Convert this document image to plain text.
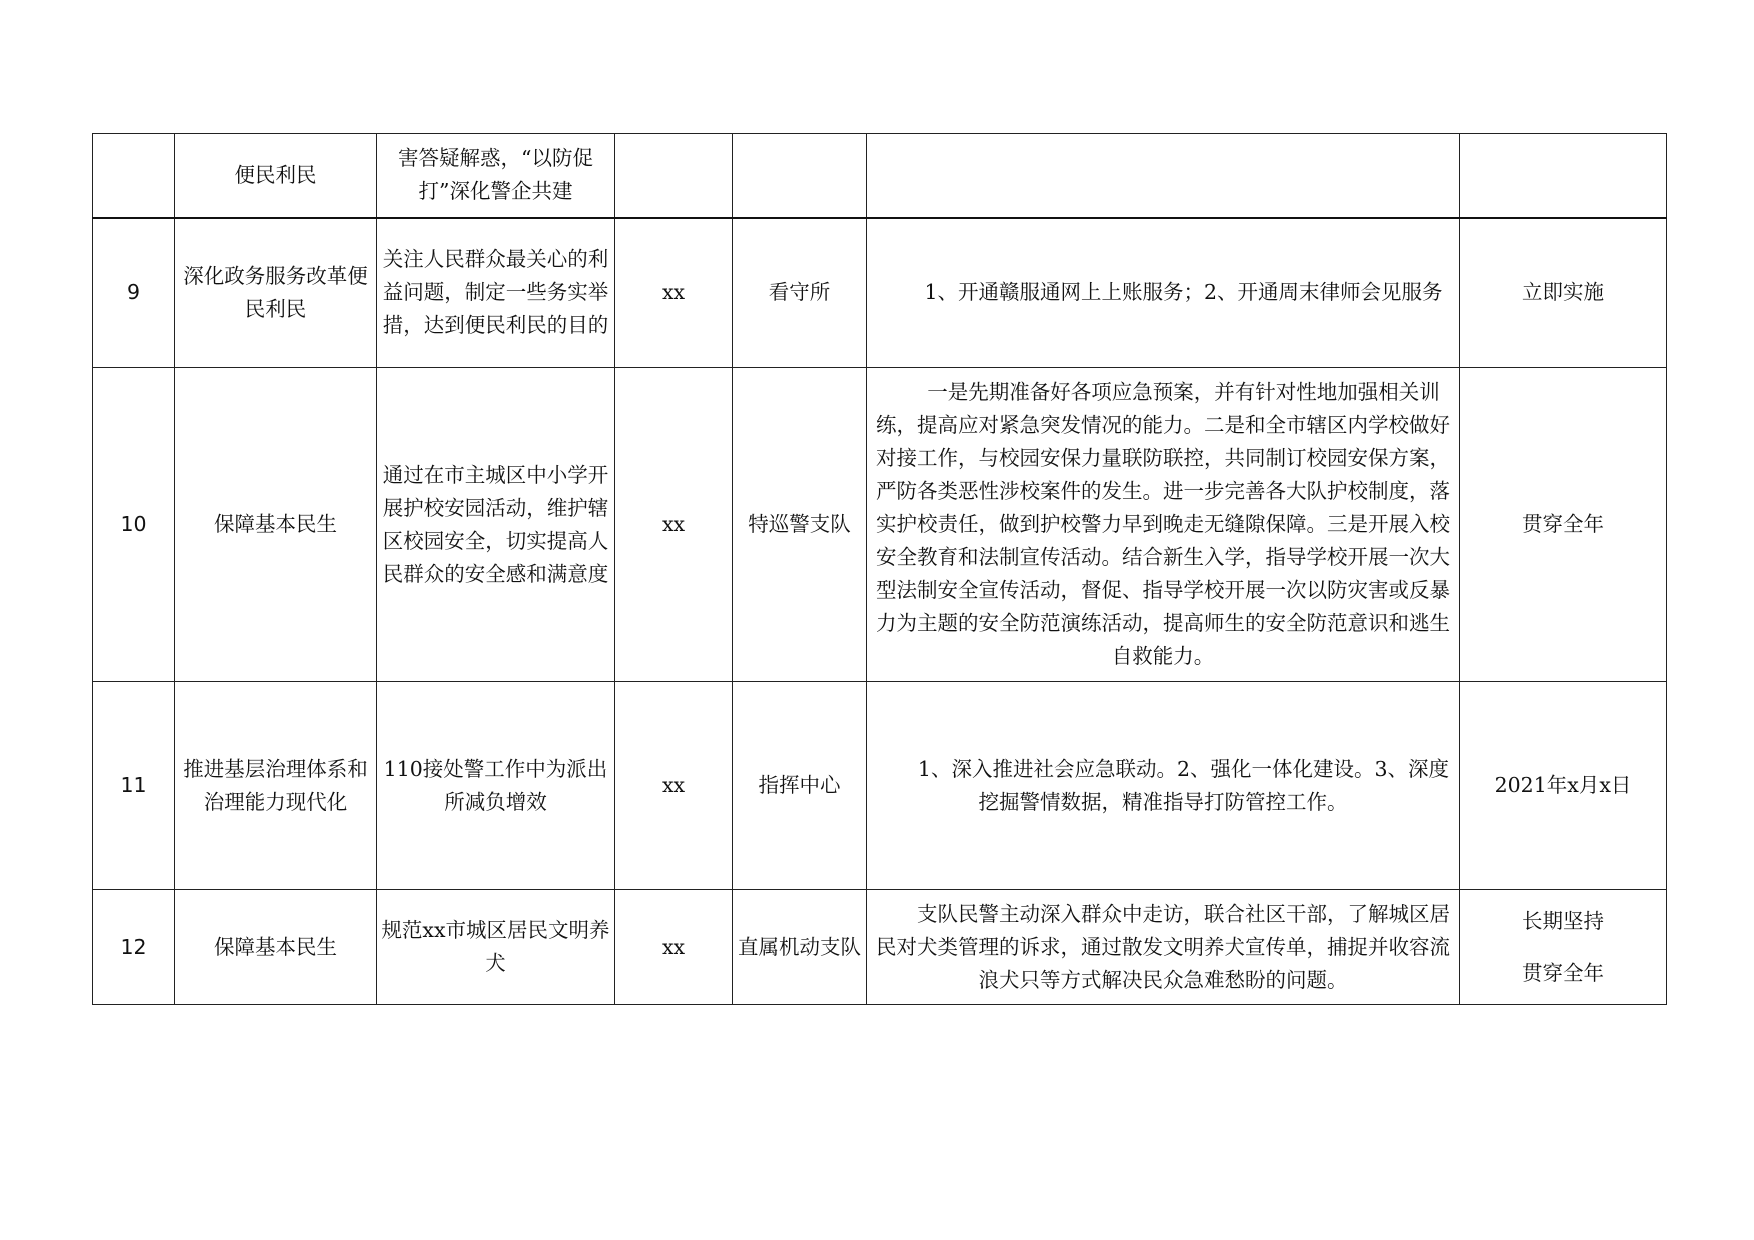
	便民利民	害答疑解惑，“以防促打”深化警企共建				
9	深化政务服务改革便民利民	关注人民群众最关心的利益问题，制定一些务实举措，达到便民利民的目的	xx	看守所	1、开通赣服通网上上账服务；2、开通周末律师会见服务	立即实施
10	保障基本民生	通过在市主城区中小学开展护校安园活动，维护辖区校园安全，切实提高人民群众的安全感和满意度	xx	特巡警支队	一是先期准备好各项应急预案，并有针对性地加强相关训练，提高应对紧急突发情况的能力。二是和全市辖区内学校做好对接工作，与校园安保力量联防联控，共同制订校园安保方案，严防各类恶性涉校案件的发生。进一步完善各大队护校制度，落实护校责任，做到护校警力早到晚走无缝隙保障。三是开展入校安全教育和法制宣传活动。结合新生入学，指导学校开展一次大型法制安全宣传活动，督促、指导学校开展一次以防灾害或反暴力为主题的安全防范演练活动，提高师生的安全防范意识和逃生自救能力。	贯穿全年
11	推进基层治理体系和治理能力现代化	110接处警工作中为派出所减负增效	xx	指挥中心	1、深入推进社会应急联动。2、强化一体化建设。3、深度挖掘警情数据，精准指导打防管控工作。	2021年x月x日
12	保障基本民生	规范xx市城区居民文明养犬	xx	直属机动支队	支队民警主动深入群众中走访，联合社区干部，了解城区居民对犬类管理的诉求，通过散发文明养犬宣传单，捕捉并收容流浪犬只等方式解决民众急难愁盼的问题。	长期坚持
贯穿全年
